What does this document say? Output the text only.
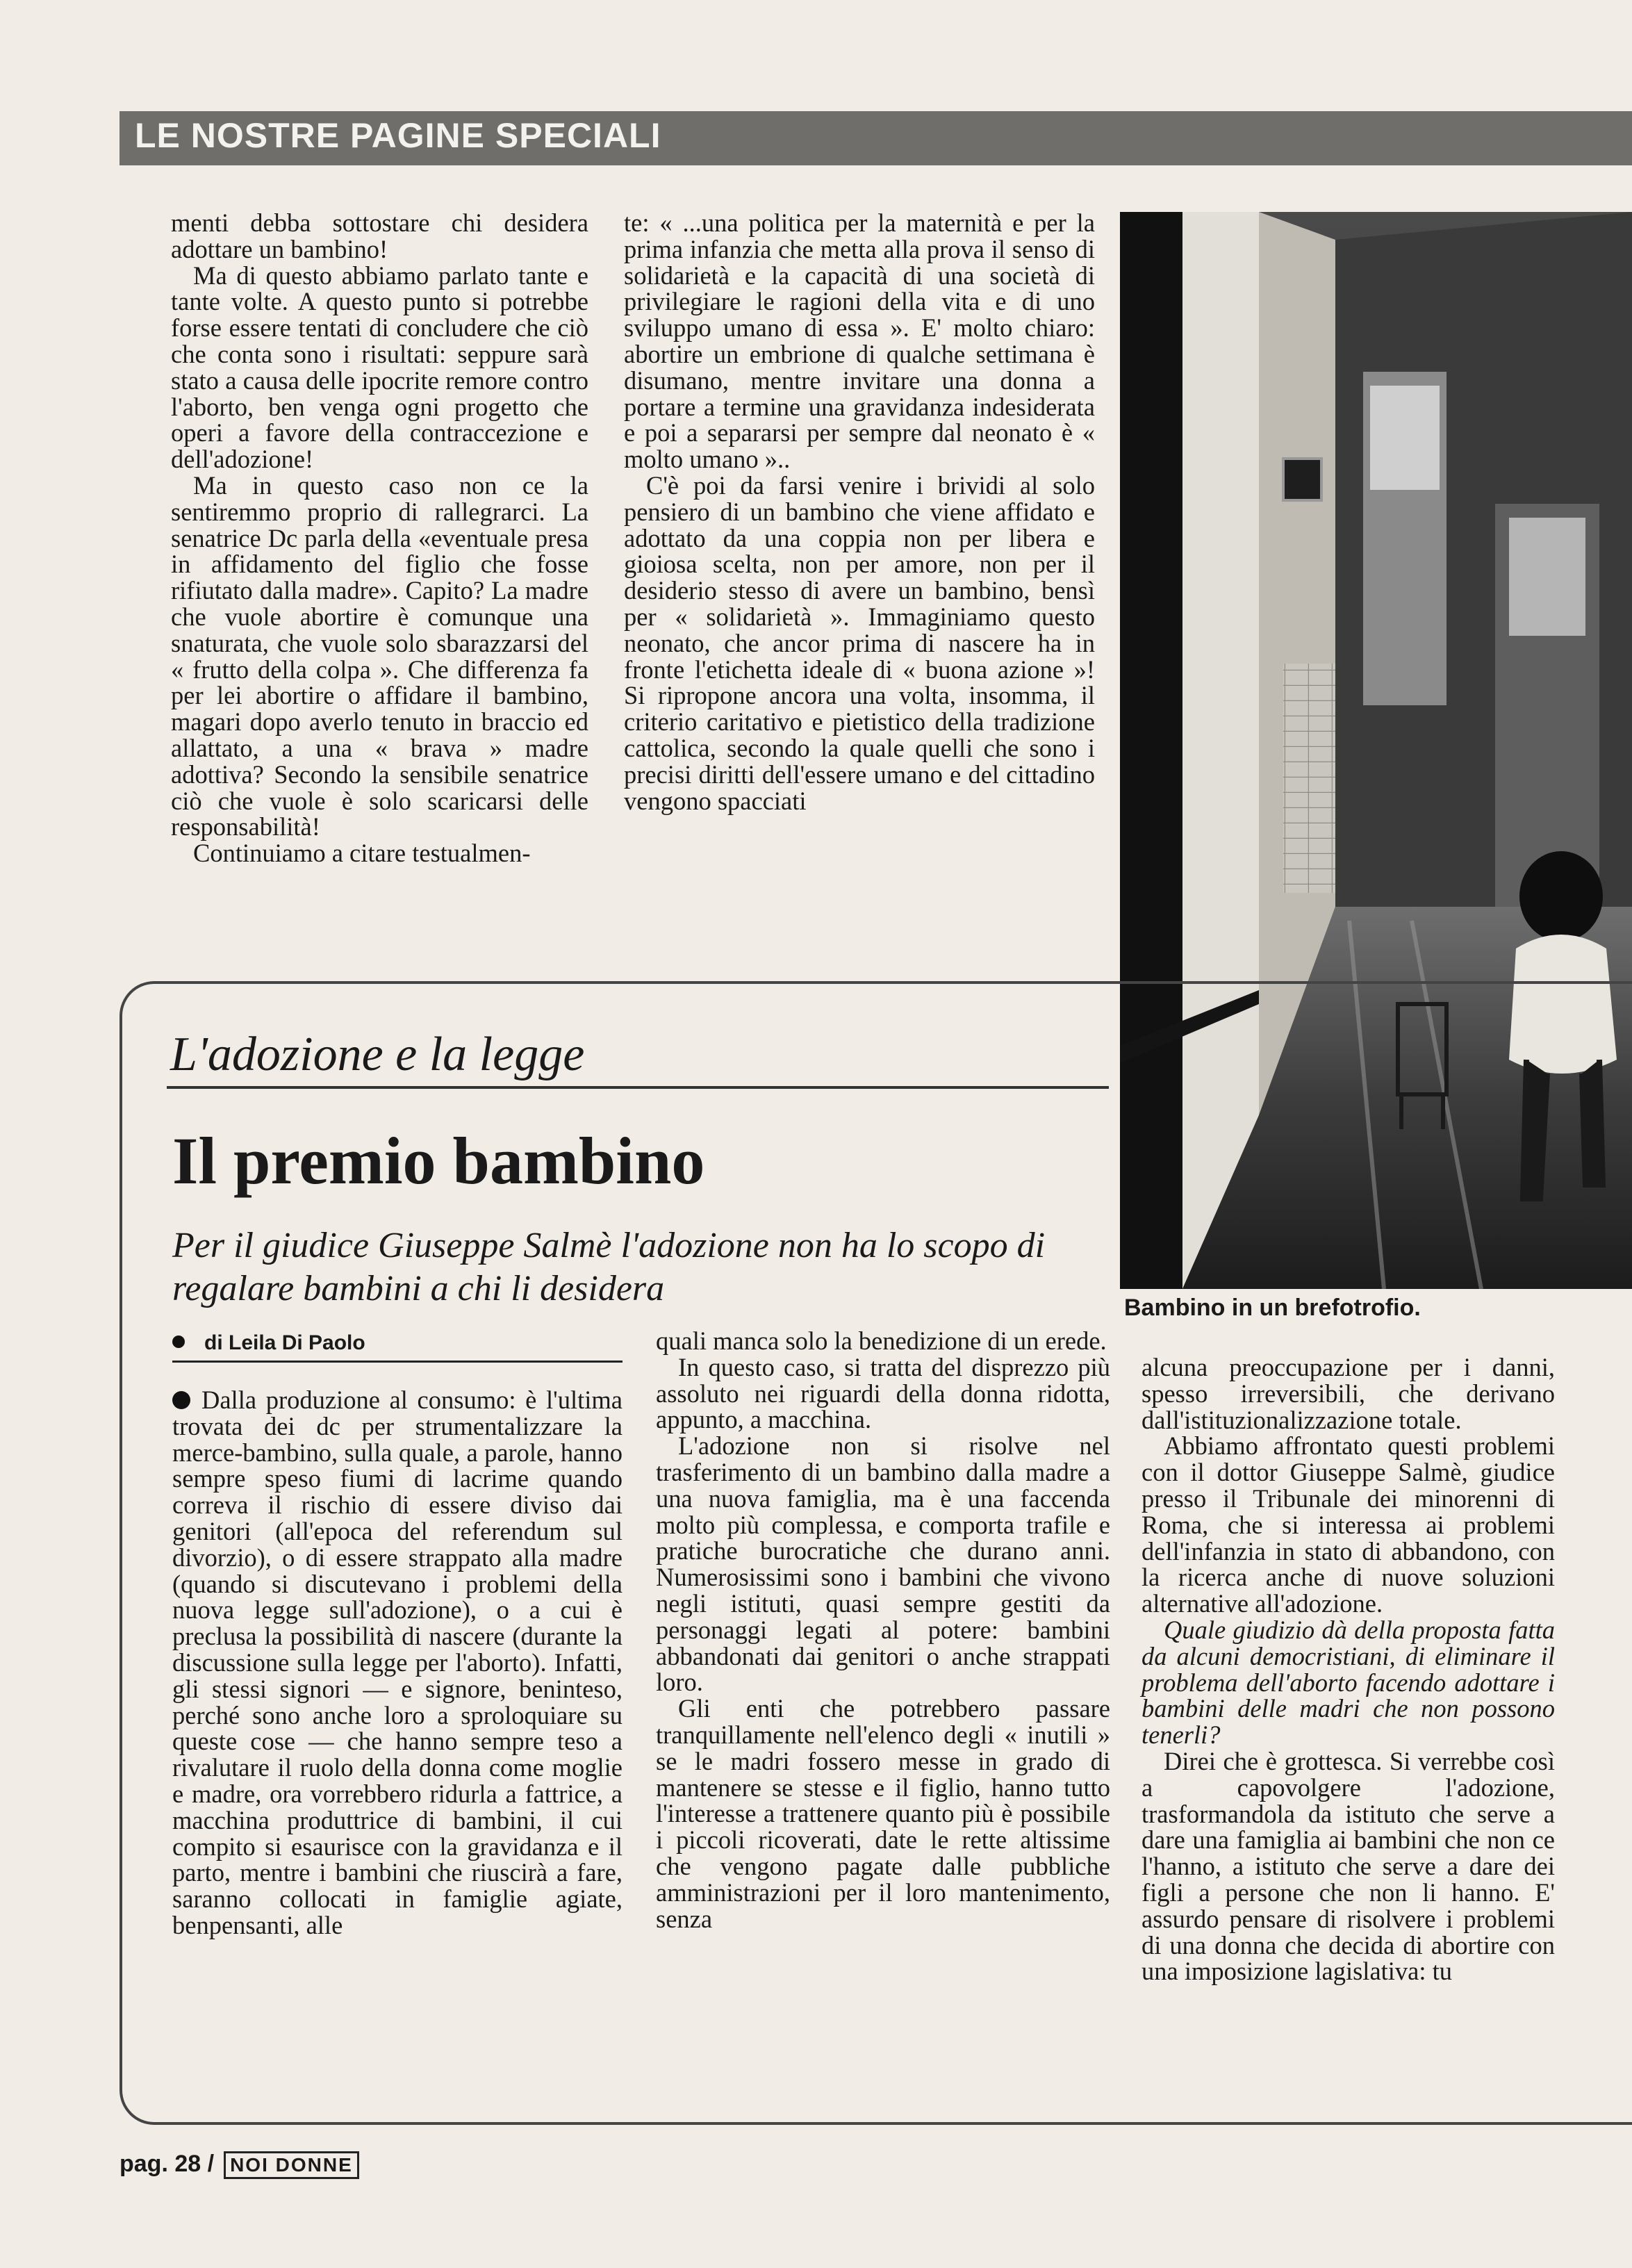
LE NOSTRE PAGINE SPECIALI

menti debba sottostare chi desidera adottare un bambino!

Ma di questo abbiamo parlato tante e tante volte. A questo punto si potrebbe forse essere tentati di concludere che ciò che conta sono i risultati: seppure sarà stato a causa delle ipocrite remore contro l'aborto, ben venga ogni progetto che operi a favore della contraccezione e dell'adozione!

Ma in questo caso non ce la sentiremmo proprio di rallegrarci. La senatrice Dc parla della «eventuale presa in affidamento del figlio che fosse rifiutato dalla madre». Capito? La madre che vuole abortire è comunque una snaturata, che vuole solo sbarazzarsi del « frutto della colpa ». Che differenza fa per lei abortire o affidare il bambino, magari dopo averlo tenuto in braccio ed allattato, a una « brava » madre adottiva? Secondo la sensibile senatrice ciò che vuole è solo scaricarsi delle responsabilità!

Continuiamo a citare testualmen-

te: « ...una politica per la maternità e per la prima infanzia che metta alla prova il senso di solidarietà e la capacità di una società di privilegiare le ragioni della vita e di uno sviluppo umano di essa ». E' molto chiaro: abortire un embrione di qualche settimana è disumano, mentre invitare una donna a portare a termine una gravidanza indesiderata e poi a separarsi per sempre dal neonato è « molto umano »..

C'è poi da farsi venire i brividi al solo pensiero di un bambino che viene affidato e adottato da una coppia non per libera e gioiosa scelta, non per amore, non per il desiderio stesso di avere un bambino, bensì per « solidarietà ». Immaginiamo questo neonato, che ancor prima di nascere ha in fronte l'etichetta ideale di « buona azione »! Si ripropone ancora una volta, insomma, il criterio caritativo e pietistico della tradizione cattolica, secondo la quale quelli che sono i precisi diritti dell'essere umano e del cittadino vengono spacciati

Bambino in un brefotrofio.
L'adozione e la legge
Il premio bambino
Per il giudice Giuseppe Salmè l'adozione non ha lo scopo di regalare bambini a chi li desidera
di Leila Di Paolo

Dalla produzione al consumo: è l'ultima trovata dei dc per strumentalizzare la merce-bambino, sulla quale, a parole, hanno sempre speso fiumi di lacrime quando correva il rischio di essere diviso dai genitori (all'epoca del referendum sul divorzio), o di essere strappato alla madre (quando si discutevano i problemi della nuova legge sull'adozione), o a cui è preclusa la possibilità di nascere (durante la discussione sulla legge per l'aborto). Infatti, gli stessi signori — e signore, beninteso, perché sono anche loro a sproloquiare su queste cose — che hanno sempre teso a rivalutare il ruolo della donna come moglie e madre, ora vorrebbero ridurla a fattrice, a macchina produttrice di bambini, il cui compito si esaurisce con la gravidanza e il parto, mentre i bambini che riuscirà a fare, saranno collocati in famiglie agiate, benpensanti, alle

quali manca solo la benedizione di un erede.

In questo caso, si tratta del disprezzo più assoluto nei riguardi della donna ridotta, appunto, a macchina.

L'adozione non si risolve nel trasferimento di un bambino dalla madre a una nuova famiglia, ma è una faccenda molto più complessa, e comporta trafile e pratiche burocratiche che durano anni. Numerosissimi sono i bambini che vivono negli istituti, quasi sempre gestiti da personaggi legati al potere: bambini abbandonati dai genitori o anche strappati loro.

Gli enti che potrebbero passare tranquillamente nell'elenco degli « inutili » se le madri fossero messe in grado di mantenere se stesse e il figlio, hanno tutto l'interesse a trattenere quanto più è possibile i piccoli ricoverati, date le rette altissime che vengono pagate dalle pubbliche amministrazioni per il loro mantenimento, senza

alcuna preoccupazione per i danni, spesso irreversibili, che derivano dall'istituzionalizzazione totale.

Abbiamo affrontato questi problemi con il dottor Giuseppe Salmè, giudice presso il Tribunale dei minorenni di Roma, che si interessa ai problemi dell'infanzia in stato di abbandono, con la ricerca anche di nuove soluzioni alternative all'adozione.

Quale giudizio dà della proposta fatta da alcuni democristiani, di eliminare il problema dell'aborto facendo adottare i bambini delle madri che non possono tenerli?

Direi che è grottesca. Si verrebbe così a capovolgere l'adozione, trasformandola da istituto che serve a dare una famiglia ai bambini che non ce l'hanno, a istituto che serve a dare dei figli a persone che non li hanno. E' assurdo pensare di risolvere i problemi di una donna che decida di abortire con una imposizione lagislativa: tu

pag. 28 / NOI DONNE
